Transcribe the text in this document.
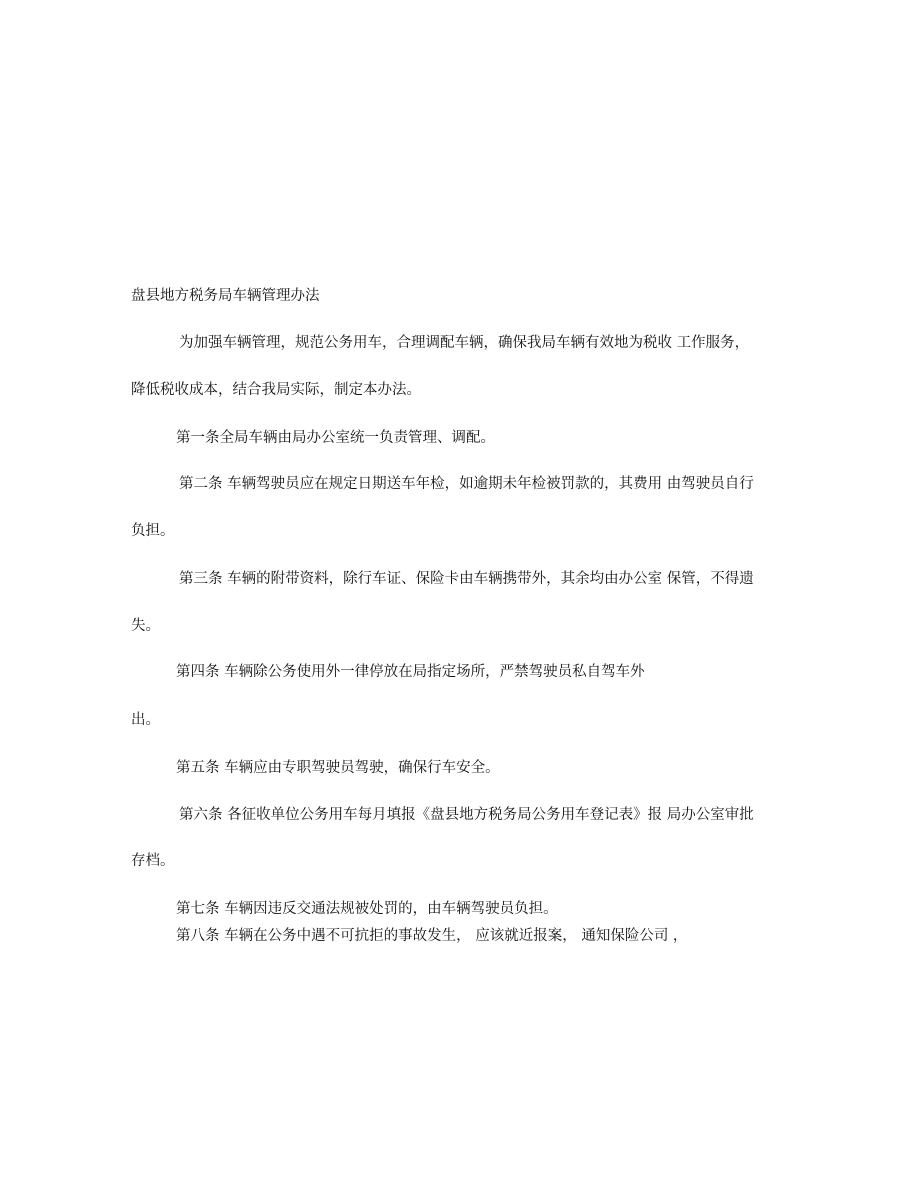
盘县地方税务局车辆管理办法
为加强车辆管理，规范公务用车，合理调配车辆，确保我局车辆有效地为税收 工作服务，
降低税收成本，结合我局实际，制定本办法。
第一条全局车辆由局办公室统一负责管理、调配。
第二条 车辆驾驶员应在规定日期送车年检，如逾期未年检被罚款的，其费用 由驾驶员自行
负担。
第三条 车辆的附带资料，除行车证、保险卡由车辆携带外，其余均由办公室 保管，不得遗
失。
第四条 车辆除公务使用外一律停放在局指定场所，严禁驾驶员私自驾车外
出。
第五条 车辆应由专职驾驶员驾驶，确保行车安全。
第六条 各征收单位公务用车每月填报《盘县地方税务局公务用车登记表》报 局办公室审批
存档。
第七条 车辆因违反交通法规被处罚的，由车辆驾驶员负担。
第八条 车辆在公务中遇不可抗拒的事故发生， 应该就近报案， 通知保险公司 ，
